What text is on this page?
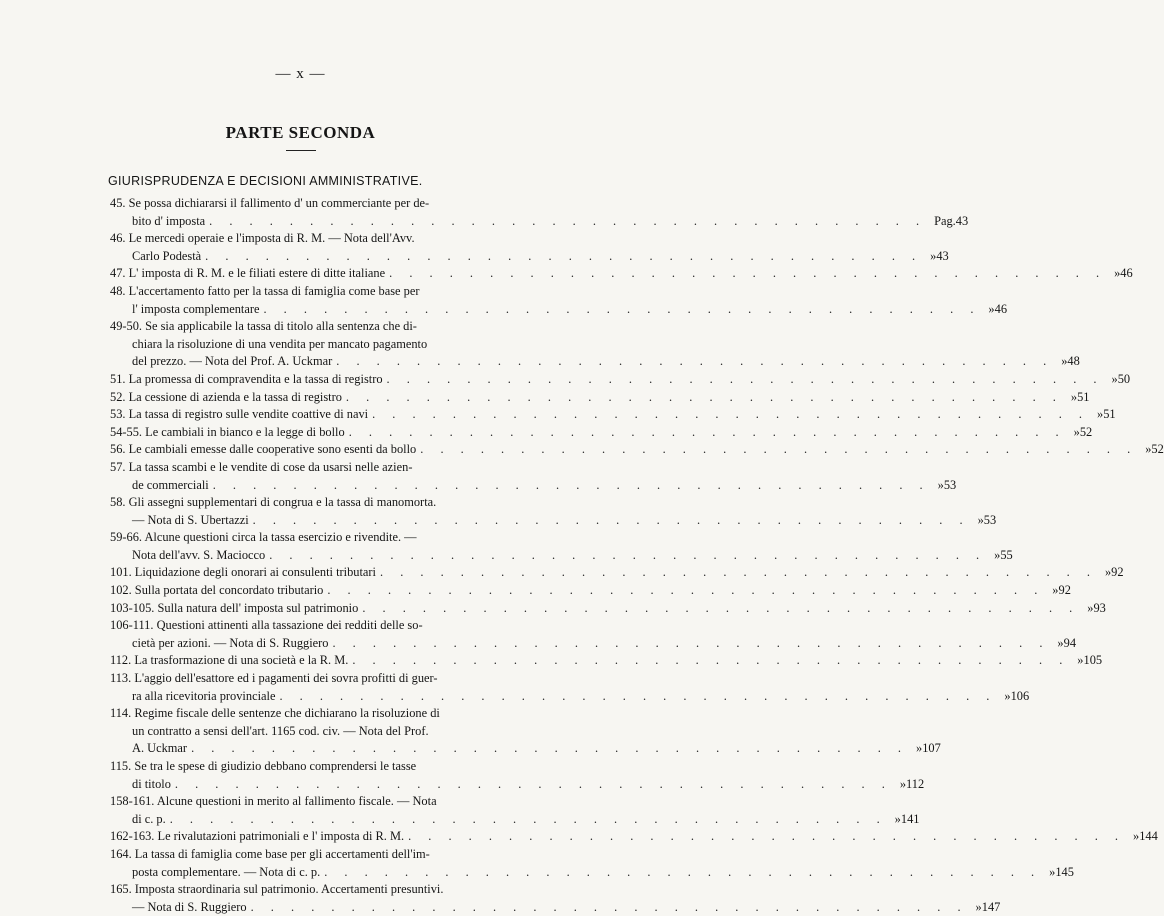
— x —
PARTE SECONDA
GIURISPRUDENZA E DECISIONI AMMINISTRATIVE.
45. Se possa dichiararsi il fallimento d' un commerciante per de-
bito d' imposta . . . . . . . . . . . . . . . . . . . . . . . . . . . . . . . . . . . . Pag. 43
46. Le mercedi operaie e l'imposta di R. M. — Nota dell'Avv.
Carlo Podestà . . . . . . . . . . . . . . . . . . . . . . . . . . . . . . . . . . . . » 43
47. L' imposta di R. M. e le filiati estere di ditte italiane . . . . . . . . . . . . . . . . . . . . . . . . . . . . . . . . . . . . » 46
48. L'accertamento fatto per la tassa di famiglia come base per
l' imposta complementare . . . . . . . . . . . . . . . . . . . . . . . . . . . . . . . . . . . . » 46
49-50. Se sia applicabile la tassa di titolo alla sentenza che di-
chiara la risoluzione di una vendita per mancato pagamento
del prezzo. — Nota del Prof. A. Uckmar . . . . . . . . . . . . . . . . . . . . . . . . . . . . . . . . . . . . » 48
51. La promessa di compravendita e la tassa di registro . . . . . . . . . . . . . . . . . . . . . . . . . . . . . . . . . . . . » 50
52. La cessione di azienda e la tassa di registro . . . . . . . . . . . . . . . . . . . . . . . . . . . . . . . . . . . . » 51
53. La tassa di registro sulle vendite coattive di navi . . . . . . . . . . . . . . . . . . . . . . . . . . . . . . . . . . . . » 51
54-55. Le cambiali in bianco e la legge di bollo . . . . . . . . . . . . . . . . . . . . . . . . . . . . . . . . . . . . » 52
56. Le cambiali emesse dalle cooperative sono esenti da bollo . . . . . . . . . . . . . . . . . . . . . . . . . . . . . . . . . . . . » 52
57. La tassa scambi e le vendite di cose da usarsi nelle azien-
de commerciali . . . . . . . . . . . . . . . . . . . . . . . . . . . . . . . . . . . . » 53
58. Gli assegni supplementari di congrua e la tassa di manomorta.
— Nota di S. Ubertazzi . . . . . . . . . . . . . . . . . . . . . . . . . . . . . . . . . . . . » 53
59-66. Alcune questioni circa la tassa esercizio e rivendite. —
Nota dell'avv. S. Maciocco . . . . . . . . . . . . . . . . . . . . . . . . . . . . . . . . . . . . » 55
101. Liquidazione degli onorari ai consulenti tributari . . . . . . . . . . . . . . . . . . . . . . . . . . . . . . . . . . . . » 92
102. Sulla portata del concordato tributario . . . . . . . . . . . . . . . . . . . . . . . . . . . . . . . . . . . . » 92
103-105. Sulla natura dell' imposta sul patrimonio . . . . . . . . . . . . . . . . . . . . . . . . . . . . . . . . . . . . » 93
106-111. Questioni attinenti alla tassazione dei redditi delle so-
cietà per azioni. — Nota di S. Ruggiero . . . . . . . . . . . . . . . . . . . . . . . . . . . . . . . . . . . . » 94
112. La trasformazione di una società e la R. M. . . . . . . . . . . . . . . . . . . . . . . . . . . . . . . . . . . . . » 105
113. L'aggio dell'esattore ed i pagamenti dei sovra profitti di guer-
ra alla ricevitoria provinciale . . . . . . . . . . . . . . . . . . . . . . . . . . . . . . . . . . . . » 106
114. Regime fiscale delle sentenze che dichiarano la risoluzione di
un contratto a sensi dell'art. 1165 cod. civ. — Nota del Prof.
A. Uckmar . . . . . . . . . . . . . . . . . . . . . . . . . . . . . . . . . . . . » 107
115. Se tra le spese di giudizio debbano comprendersi le tasse
di titolo . . . . . . . . . . . . . . . . . . . . . . . . . . . . . . . . . . . . » 112
158-161. Alcune questioni in merito al fallimento fiscale. — Nota
di c. p. . . . . . . . . . . . . . . . . . . . . . . . . . . . . . . . . . . . . » 141
162-163. Le rivalutazioni patrimoniali e l' imposta di R. M. . . . . . . . . . . . . . . . . . . . . . . . . . . . . . . . . . . . . » 144
164. La tassa di famiglia come base per gli accertamenti dell'im-
posta complementare. — Nota di c. p. . . . . . . . . . . . . . . . . . . . . . . . . . . . . . . . . . . . . » 145
165. Imposta straordinaria sul patrimonio. Accertamenti presuntivi.
— Nota di S. Ruggiero . . . . . . . . . . . . . . . . . . . . . . . . . . . . . . . . . . . . » 147
